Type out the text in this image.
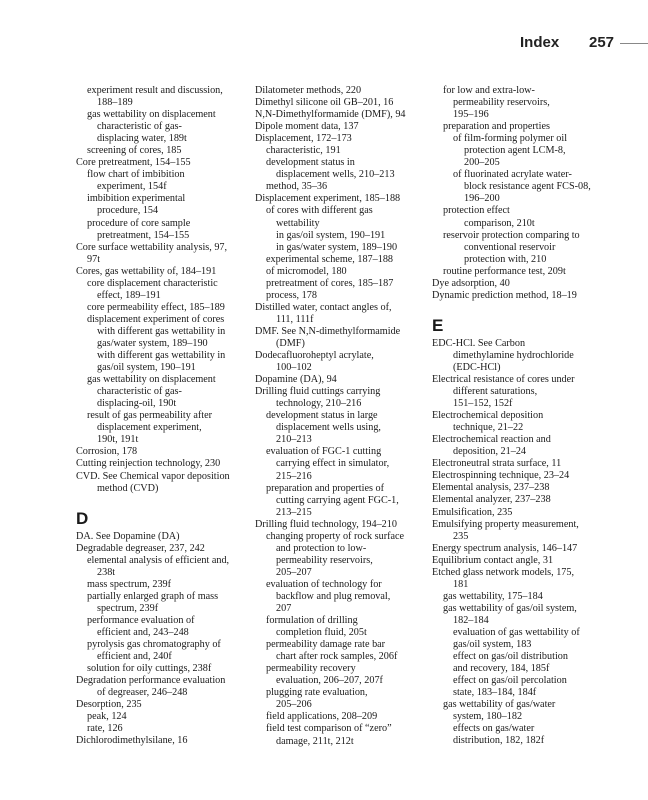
Index 257
experiment result and discussion,
188–189
gas wettability on displacement
characteristic of gas-
displacing water, 189t
screening of cores, 185
Core pretreatment, 154–155
flow chart of imbibition
experiment, 154f
imbibition experimental
procedure, 154
procedure of core sample
pretreatment, 154–155
Core surface wettability analysis, 97,
97t
Cores, gas wettability of, 184–191
core displacement characteristic
effect, 189–191
core permeability effect, 185–189
displacement experiment of cores
with different gas wettability in
gas/water system, 189–190
with different gas wettability in
gas/oil system, 190–191
gas wettability on displacement
characteristic of gas-
displacing-oil, 190t
result of gas permeability after
displacement experiment,
190t, 191t
Corrosion, 178
Cutting reinjection technology, 230
CVD. See Chemical vapor deposition
method (CVD)
D
DA. See Dopamine (DA)
Degradable degreaser, 237, 242
elemental analysis of efficient and,
238t
mass spectrum, 239f
partially enlarged graph of mass
spectrum, 239f
performance evaluation of
efficient and, 243–248
pyrolysis gas chromatography of
efficient and, 240f
solution for oily cuttings, 238f
Degradation performance evaluation
of degreaser, 246–248
Desorption, 235
peak, 124
rate, 126
Dichlorodimethylsilane, 16
Dilatometer methods, 220
Dimethyl silicone oil GB–201, 16
N,N-Dimethylformamide (DMF), 94
Dipole moment data, 137
Displacement, 172–173
characteristic, 191
development status in
displacement wells, 210–213
method, 35–36
Displacement experiment, 185–188
of cores with different gas
wettability
in gas/oil system, 190–191
in gas/water system, 189–190
experimental scheme, 187–188
of micromodel, 180
pretreatment of cores, 185–187
process, 178
Distilled water, contact angles of,
111, 111f
DMF. See N,N-dimethylformamide
(DMF)
Dodecafluoroheptyl acrylate,
100–102
Dopamine (DA), 94
Drilling fluid cuttings carrying
technology, 210–216
development status in large
displacement wells using,
210–213
evaluation of FGC-1 cutting
carrying effect in simulator,
215–216
preparation and properties of
cutting carrying agent FGC-1,
213–215
Drilling fluid technology, 194–210
changing property of rock surface
and protection to low-
permeability reservoirs,
205–207
evaluation of technology for
backflow and plug removal,
207
formulation of drilling
completion fluid, 205t
permeability damage rate bar
chart after rock samples, 206f
permeability recovery
evaluation, 206–207, 207f
plugging rate evaluation,
205–206
field applications, 208–209
field test comparison of “zero”
damage, 211t, 212t
for low and extra-low-
permeability reservoirs,
195–196
preparation and properties
of film-forming polymer oil
protection agent LCM-8,
200–205
of fluorinated acrylate water-
block resistance agent FCS-08,
196–200
protection effect
comparison, 210t
reservoir protection comparing to
conventional reservoir
protection with, 210
routine performance test, 209t
Dye adsorption, 40
Dynamic prediction method, 18–19
E
EDC-HCl. See Carbon
dimethylamine hydrochloride
(EDC-HCl)
Electrical resistance of cores under
different saturations,
151–152, 152f
Electrochemical deposition
technique, 21–22
Electrochemical reaction and
deposition, 21–24
Electroneutral strata surface, 11
Electrospinning technique, 23–24
Elemental analysis, 237–238
Elemental analyzer, 237–238
Emulsification, 235
Emulsifying property measurement,
235
Energy spectrum analysis, 146–147
Equilibrium contact angle, 31
Etched glass network models, 175,
181
gas wettability, 175–184
gas wettability of gas/oil system,
182–184
evaluation of gas wettability of
gas/oil system, 183
effect on gas/oil distribution
and recovery, 184, 185f
effect on gas/oil percolation
state, 183–184, 184f
gas wettability of gas/water
system, 180–182
effects on gas/water
distribution, 182, 182f
